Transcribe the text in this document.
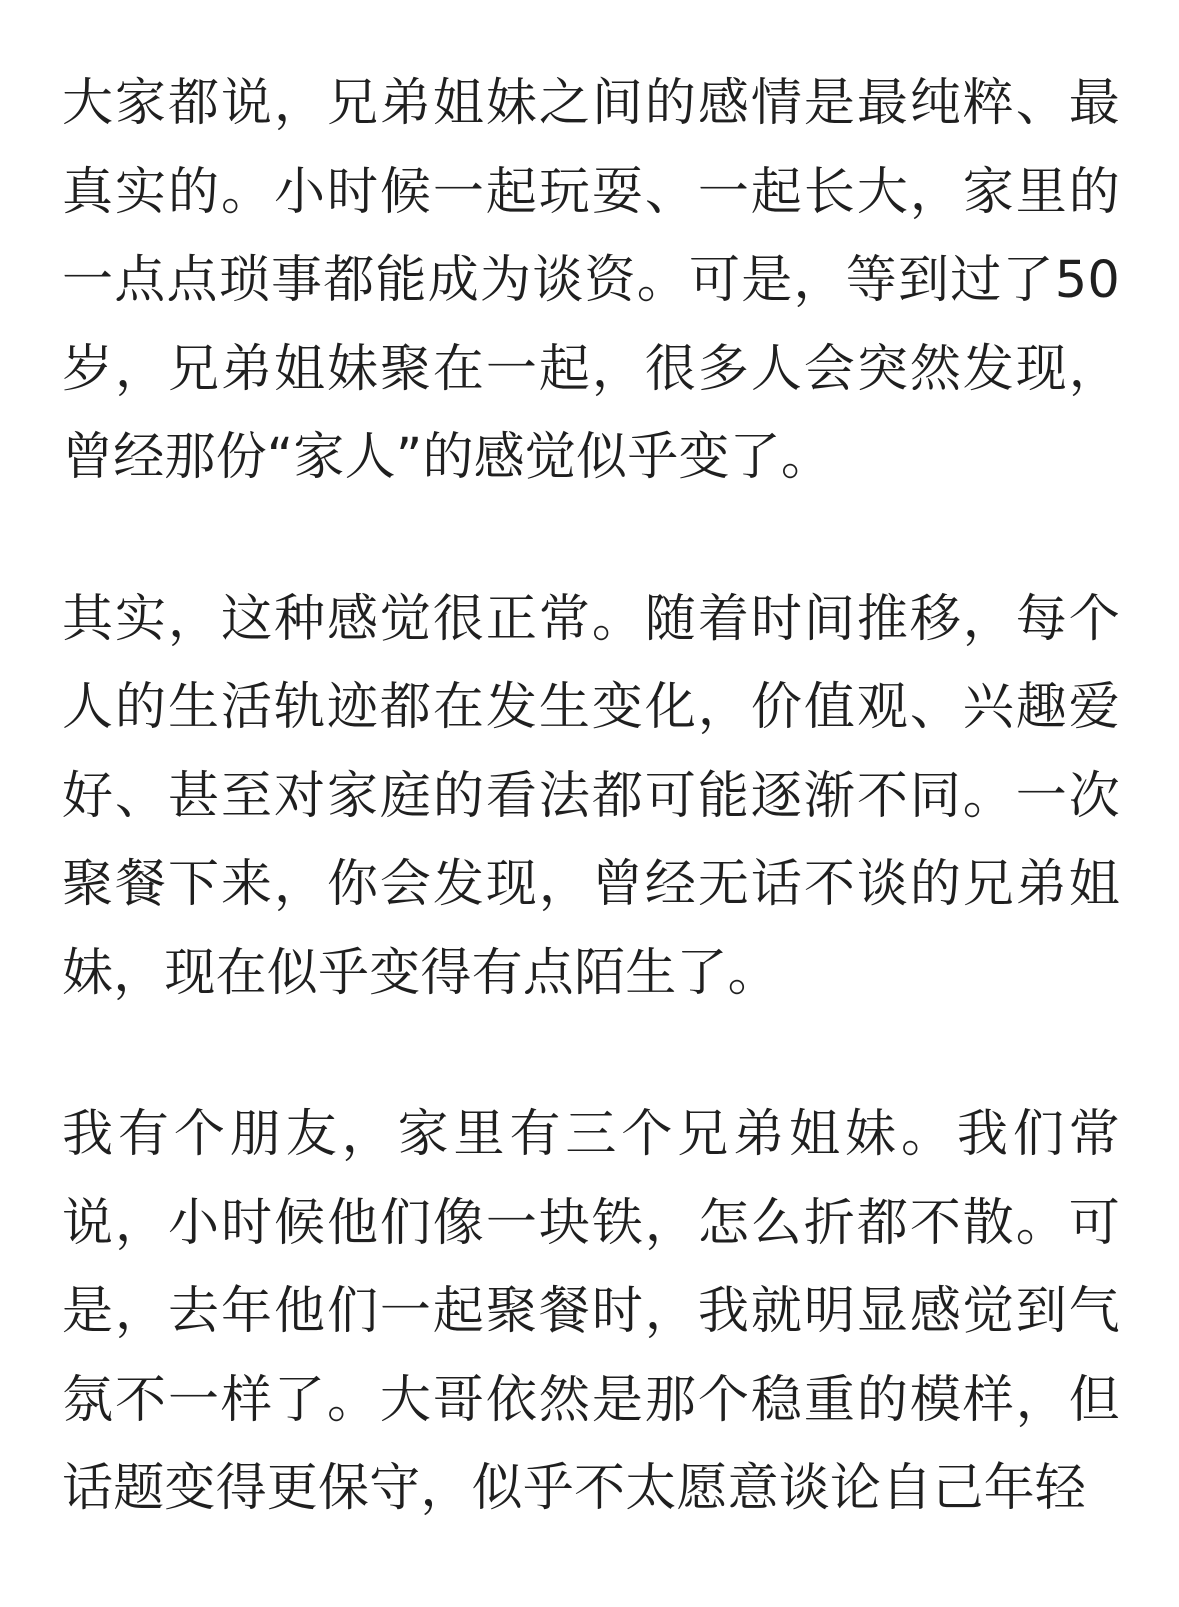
大家都说，兄弟姐妹之间的感情是最纯粹、最真实的。小时候一起玩耍、一起长大，家里的一点点琐事都能成为谈资。可是，等到过了50岁，兄弟姐妹聚在一起，很多人会突然发现，曾经那份“家人”的感觉似乎变了。

其实，这种感觉很正常。随着时间推移，每个人的生活轨迹都在发生变化，价值观、兴趣爱好、甚至对家庭的看法都可能逐渐不同。一次聚餐下来，你会发现，曾经无话不谈的兄弟姐妹，现在似乎变得有点陌生了。

我有个朋友，家里有三个兄弟姐妹。我们常说，小时候他们像一块铁，怎么折都不散。可是，去年他们一起聚餐时，我就明显感觉到气氛不一样了。大哥依然是那个稳重的模样，但话题变得更保守，似乎不太愿意谈论自己年轻
